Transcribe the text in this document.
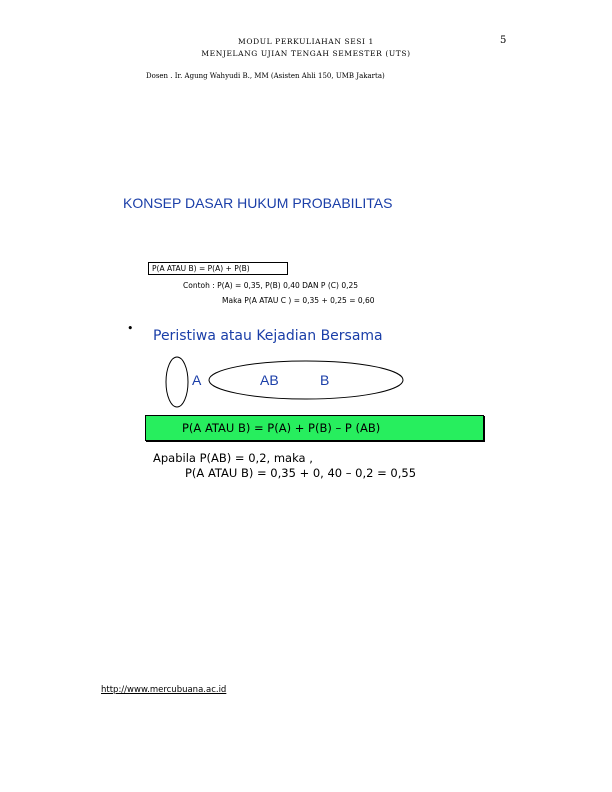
MODUL PERKULIAHAN SESI 1
MENJELANG UJIAN TENGAH SEMESTER (UTS)
5
Dosen . Ir. Agung Wahyudi B., MM (Asisten Ahli 150, UMB Jakarta)
KONSEP DASAR HUKUM PROBABILITAS
P(A ATAU B) = P(A) + P(B)
Contoh : P(A) = 0,35, P(B) 0,40 DAN P (C) 0,25
Maka P(A ATAU C ) = 0,35 + 0,25 = 0,60
• Peristiwa atau Kejadian Bersama
A	AB	B
P(A ATAU B) = P(A) + P(B) – P (AB)
Apabila P(AB) = 0,2, maka ,
P(A ATAU B) = 0,35 + 0, 40 – 0,2 = 0,55
http://www.mercubuana.ac.id
